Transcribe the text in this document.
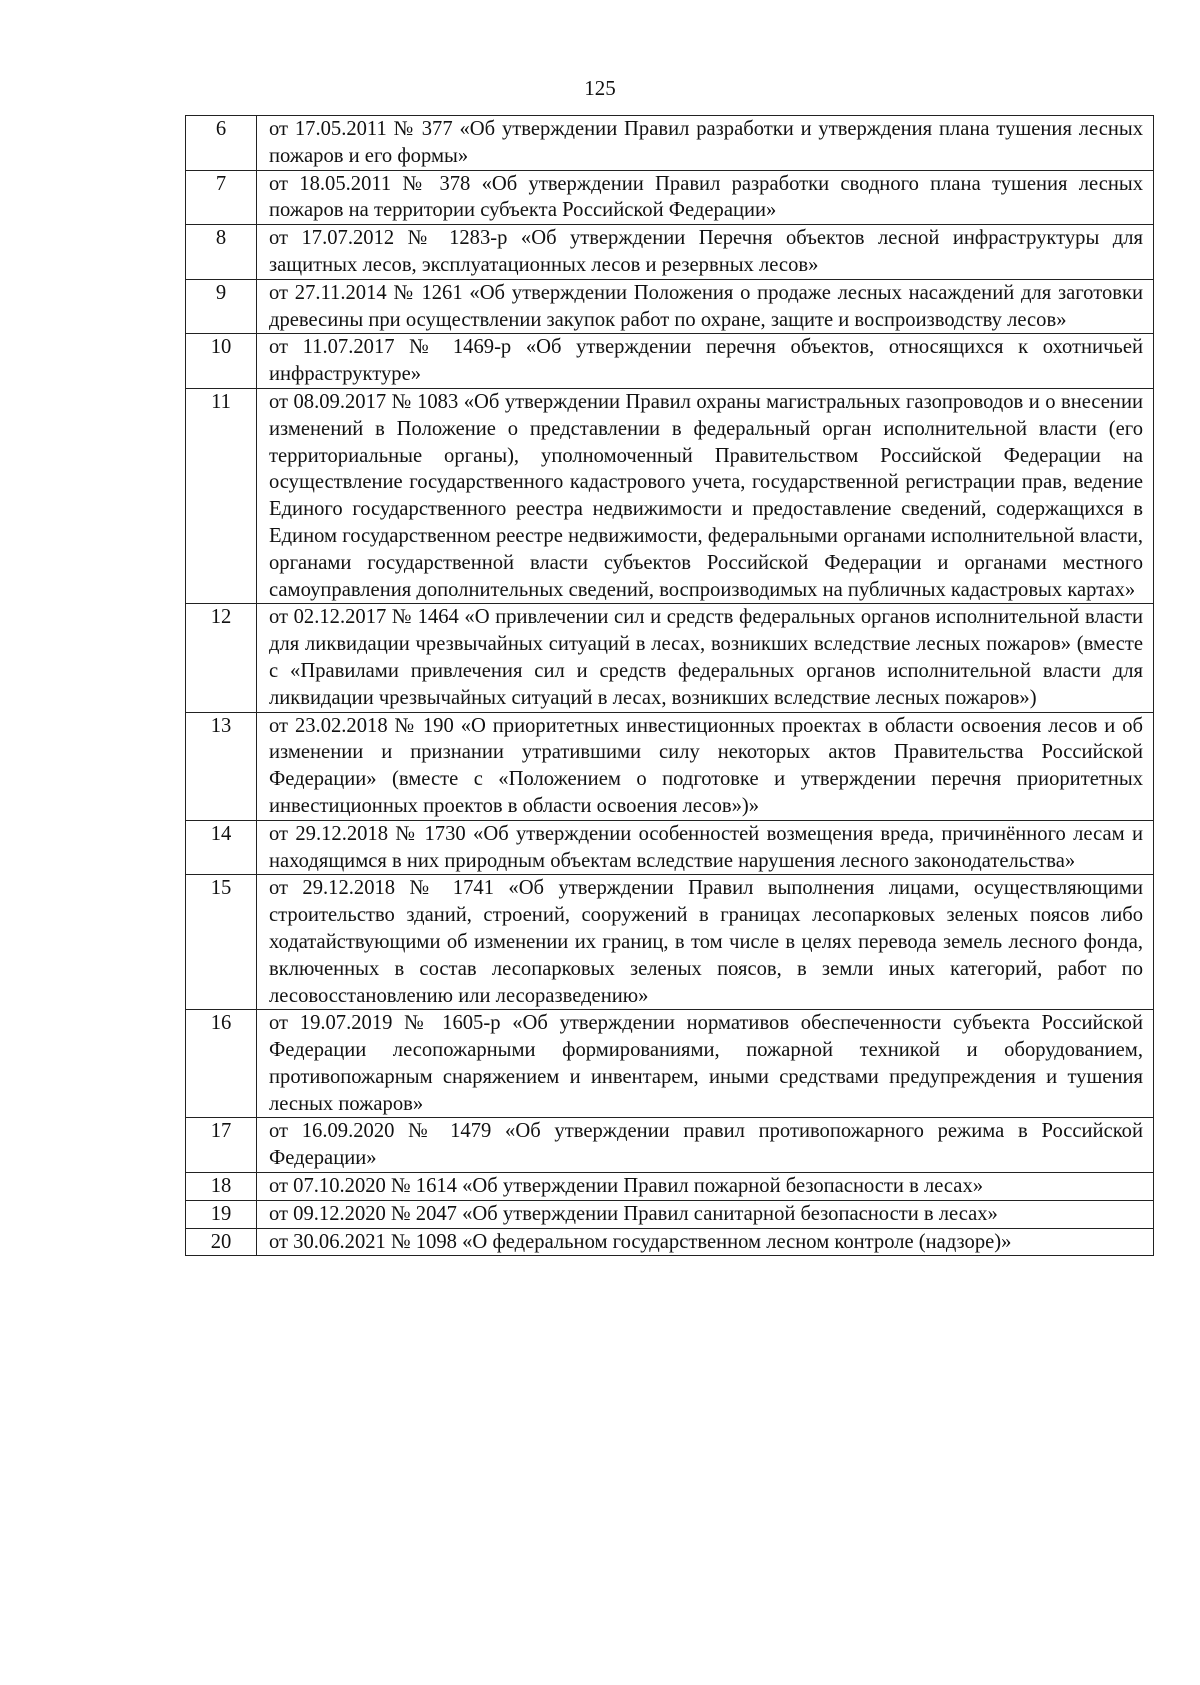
125
6	от 17.05.2011 № 377 «Об утверждении Правил разработки и утверждения плана тушения лесных пожаров и его формы»
7	от 18.05.2011 № 378 «Об утверждении Правил разработки сводного плана тушения лесных пожаров на территории субъекта Российской Федерации»
8	от 17.07.2012 № 1283-р «Об утверждении Перечня объектов лесной инфраструктуры для защитных лесов, эксплуатационных лесов и резервных лесов»
9	от 27.11.2014 № 1261 «Об утверждении Положения о продаже лесных насаждений для заготовки древесины при осуществлении закупок работ по охране, защите и воспроизводству лесов»
10	от 11.07.2017 № 1469-р «Об утверждении перечня объектов, относящихся к охотничьей инфраструктуре»
11	от 08.09.2017 № 1083 «Об утверждении Правил охраны магистральных газопроводов и о внесении изменений в Положение о представлении в федеральный орган исполнительной власти (его территориальные органы), уполномоченный Правительством Российской Федерации на осуществление государственного кадастрового учета, государственной регистрации прав, ведение Единого государственного реестра недвижимости и предоставление сведений, содержащихся в Едином государственном реестре недвижимости, федеральными органами исполнительной власти, органами государственной власти субъектов Российской Федерации и органами местного самоуправления дополнительных сведений, воспроизводимых на публичных кадастровых картах»
12	от 02.12.2017 № 1464 «О привлечении сил и средств федеральных органов исполнительной власти для ликвидации чрезвычайных ситуаций в лесах, возникших вследствие лесных пожаров» (вместе с «Правилами привлечения сил и средств федеральных органов исполнительной власти для ликвидации чрезвычайных ситуаций в лесах, возникших вследствие лесных пожаров»)
13	от 23.02.2018 № 190 «О приоритетных инвестиционных проектах в области освоения лесов и об изменении и признании утратившими силу некоторых актов Правительства Российской Федерации» (вместе с «Положением о подготовке и утверждении перечня приоритетных инвестиционных проектов в области освоения лесов»)»
14	от 29.12.2018 № 1730 «Об утверждении особенностей возмещения вреда, причинённого лесам и находящимся в них природным объектам вследствие нарушения лесного законодательства»
15	от 29.12.2018 № 1741 «Об утверждении Правил выполнения лицами, осуществляющими строительство зданий, строений, сооружений в границах лесопарковых зеленых поясов либо ходатайствующими об изменении их границ, в том числе в целях перевода земель лесного фонда, включенных в состав лесопарковых зеленых поясов, в земли иных категорий, работ по лесовосстановлению или лесоразведению»
16	от 19.07.2019 № 1605-р «Об утверждении нормативов обеспеченности субъекта Российской Федерации лесопожарными формированиями, пожарной техникой и оборудованием, противопожарным снаряжением и инвентарем, иными средствами предупреждения и тушения лесных пожаров»
17	от 16.09.2020 № 1479 «Об утверждении правил противопожарного режима в Российской Федерации»
18	от 07.10.2020 № 1614 «Об утверждении Правил пожарной безопасности в лесах»
19	от 09.12.2020 № 2047 «Об утверждении Правил санитарной безопасности в лесах»
20	от 30.06.2021 № 1098 «О федеральном государственном лесном контроле (надзоре)»
